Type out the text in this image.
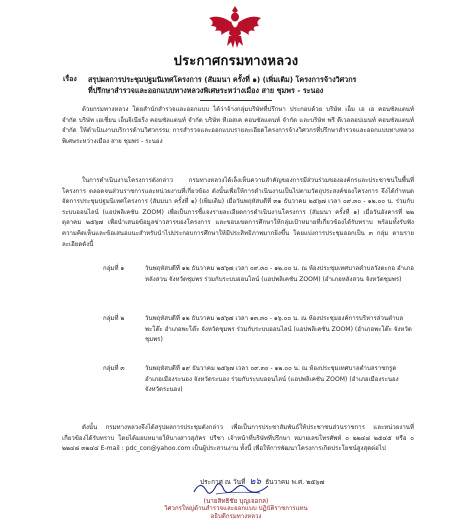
ประกาศกรมทางหลวง
เรื่อง สรุปผลการประชุมปฐมนิเทศโครงการ (สัมมนา ครั้งที่ ๑) (เพิ่มเติม) โครงการจ้างวิศวกร
ที่ปรึกษาสำรวจและออกแบบทางหลวงพิเศษระหว่างเมือง สาย ชุมพร - ระนอง
ด้วยกรมทางหลวง โดยสำนักสำรวจและออกแบบ ได้ว่าจ้างกลุ่มบริษัทที่ปรึกษา ประกอบด้วย บริษัท เอ็ม เอ เอ คอนซัลแตนท์ จำกัด บริษัท เอเชี่ยน เอ็นจิเนียริ่ง คอนซัลแตนท์ จำกัด บริษัท ทีเอสเค คอนซัลแตนท์ จำกัด และบริษัท พรี ดีเวลลอปเมนท์ คอนซัลแตนท์ จำกัด ให้ดำเนินงานบริการด้านวิศวกรรม การสำรวจและออกแบบรายละเอียดโครงการจ้างวิศวกรที่ปรึกษาสำรวจและออกแบบทางหลวงพิเศษระหว่างเมือง สาย ชุมพร - ระนอง
ในการดำเนินงานโครงการดังกล่าว กรมทางหลวงได้เล็งเห็นความสำคัญของการมีส่วนร่วมขององค์กรและประชาชนในพื้นที่โครงการ ตลอดจนส่วนราชการและหน่วยงานที่เกี่ยวข้อง ดังนั้นเพื่อให้การดำเนินงานเป็นไปตามวัตถุประสงค์ของโครงการ จึงได้กำหนดจัดการประชุมปฐมนิเทศโครงการ (สัมมนา ครั้งที่ ๑) (เพิ่มเติม) เมื่อวันพฤหัสบดีที่ ๓๑ ธันวาคม ๒๕๖๗ เวลา ๐๙.๓๐ - ๑๒.๐๐ น. ร่วมกับระบบออนไลน์ (แอปพลิเคชัน ZOOM) เพื่อเป็นการชี้แจงรายละเอียดการดำเนินงานโครงการ (สัมมนา ครั้งที่ ๑) เมื่อวันอังคารที่ ๒๒ ตุลาคม ๒๕๖๗ เพื่อนำเสนอข้อมูลข่าวสารของโครงการ และขอบเขตการศึกษาให้กลุ่มเป้าหมายที่เกี่ยวข้องได้รับทราบ พร้อมทั้งรับฟังความคิดเห็นและข้อเสนอแนะสำหรับนำไปประกอบการศึกษาให้มีประสิทธิภาพมากยิ่งขึ้น โดยแบ่งการประชุมออกเป็น ๓ กลุ่ม ตามรายละเอียดดังนี้
กลุ่มที่ ๑	วันพฤหัสบดีที่ ๑๒ ธันวาคม ๒๕๖๗ เวลา ๐๙.๓๐ - ๑๒.๐๐ น. ณ ห้องประชุมเทศบาลตำบลวังตะกอ อำเภอหลังสวน จังหวัดชุมพร ร่วมกับระบบออนไลน์ (แอปพลิเคชัน ZOOM) (อำเภอหลังสวน จังหวัดชุมพร)
กลุ่มที่ ๒	วันพฤหัสบดีที่ ๑๒ ธันวาคม ๒๕๖๗ เวลา ๑๓.๓๐ - ๑๖.๐๐ น. ณ ห้องประชุมองค์การบริหารส่วนตำบลพะโต๊ะ อำเภอพะโต๊ะ จังหวัดชุมพร ร่วมกับระบบออนไลน์ (แอปพลิเคชัน ZOOM) (อำเภอพะโต๊ะ จังหวัดชุมพร)
กลุ่มที่ ๓	วันพฤหัสบดีที่ ๑๙ ธันวาคม ๒๕๖๗ เวลา ๐๙.๓๐ - ๑๒.๐๐ น. ณ ห้องประชุมเทศบาลตำบลราชกรูด อำเภอเมืองระนอง จังหวัดระนอง ร่วมกับระบบออนไลน์ (แอปพลิเคชัน ZOOM) (อำเภอเมืองระนอง จังหวัดระนอง)
ดังนั้น กรมทางหลวงจึงได้สรุปผลการประชุมดังกล่าว เพื่อเป็นการประชาสัมพันธ์ให้ประชาชนส่วนราชการ และหน่วยงานที่เกี่ยวข้องได้รับทราบ โดยได้มอบหมายให้นางสาวสุภัคร ปรีชา เจ้าหน้าที่บริษัทที่ปรึกษา หมายเลขโทรศัพท์ ๐ ๒๒๔๘ ๒๕๔๕ หรือ ๐ ๒๒๔๘ ๓๒๔๔ E-mail : pdc_con@yahoo.com เป็นผู้ประสานงาน ทั้งนี้ เพื่อให้การพัฒนาโครงการเกิดประโยชน์สูงสุดต่อไป
ประกาศ ณ วันที่ ๒๖ ธันวาคม พ.ศ. ๒๕๖๗
(นายสิทธิชัย บุญเจอกล)
วิศวกรใหญ่ด้านสำรวจและออกแบบ ปฏิบัติราชการแทน
อธิบดีกรมทางหลวง
